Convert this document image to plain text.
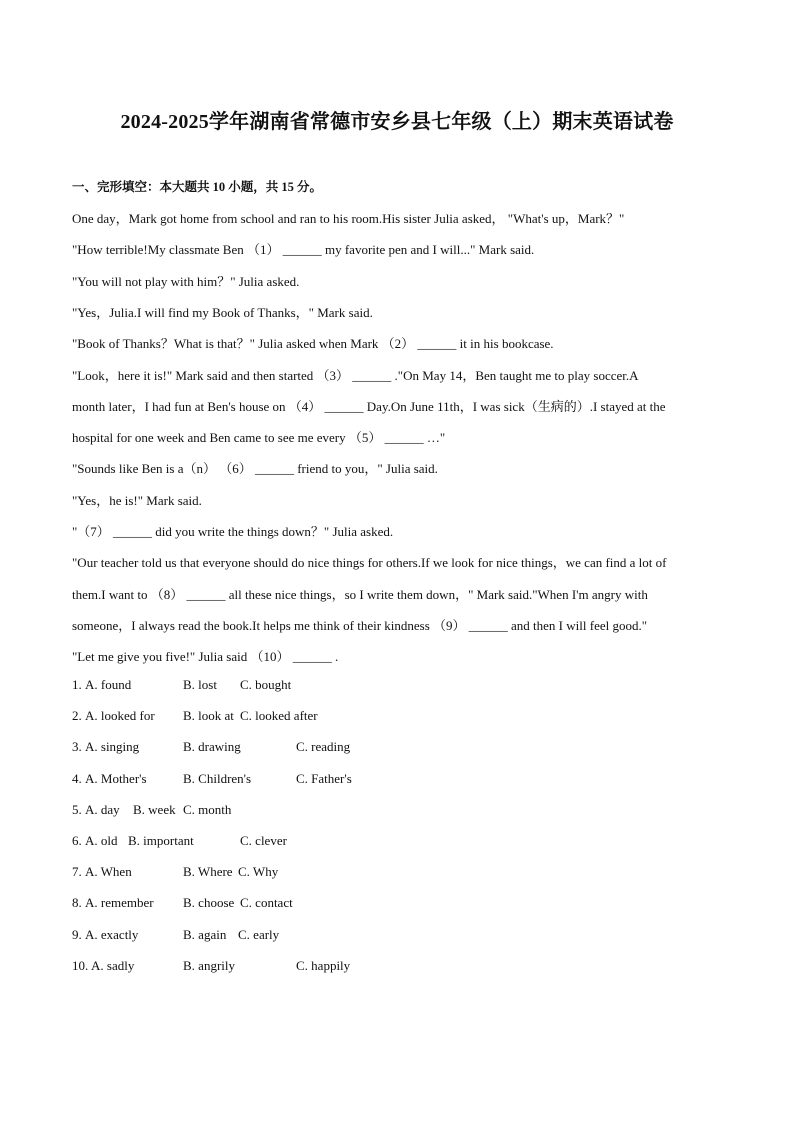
2024-2025学年湖南省常德市安乡县七年级（上）期末英语试卷
一、完形填空：本大题共 10 小题，共 15 分。
One day，Mark got home from school and ran to his room.His sister Julia asked， "What's up，Mark？"
"How terrible!My classmate Ben （1） ______ my favorite pen and I will..." Mark said.
"You will not play with him？" Julia asked.
"Yes，Julia.I will find my Book of Thanks，" Mark said.
"Book of Thanks？What is that？" Julia asked when Mark （2） ______ it in his bookcase.
"Look，here it is!" Mark said and then started （3） ______ ."On May 14，Ben taught me to play soccer.A
month later，I had fun at Ben's house on （4） ______ Day.On June 11th，I was sick（生病的）.I stayed at the
hospital for one week and Ben came to see me every （5） ______ …"
"Sounds like Ben is a（n） （6） ______ friend to you，" Julia said.
"Yes，he is!" Mark said.
"（7） ______ did you write the things down？" Julia asked.
"Our teacher told us that everyone should do nice things for others.If we look for nice things，we can find a lot of
them.I want to （8） ______ all these nice things，so I write them down，" Mark said."When I'm angry with
someone，I always read the book.It helps me think of their kindness （9） ______ and then I will feel good."
"Let me give you five!" Julia said （10） ______ .
1. A. found	B. lost C. bought
2. A. looked for B. look at C. looked after
3. A. singing	B. drawing	C. reading
4. A. Mother's	B. Children's	C. Father's
5. A. day B. week C. month
6. A. old B. important	C. clever
7. A. When	B. Where C. Why
8. A. remember B. choose C. contact
9. A. exactly	B. again C. early
10. A. sadly	B. angrily	C. happily
